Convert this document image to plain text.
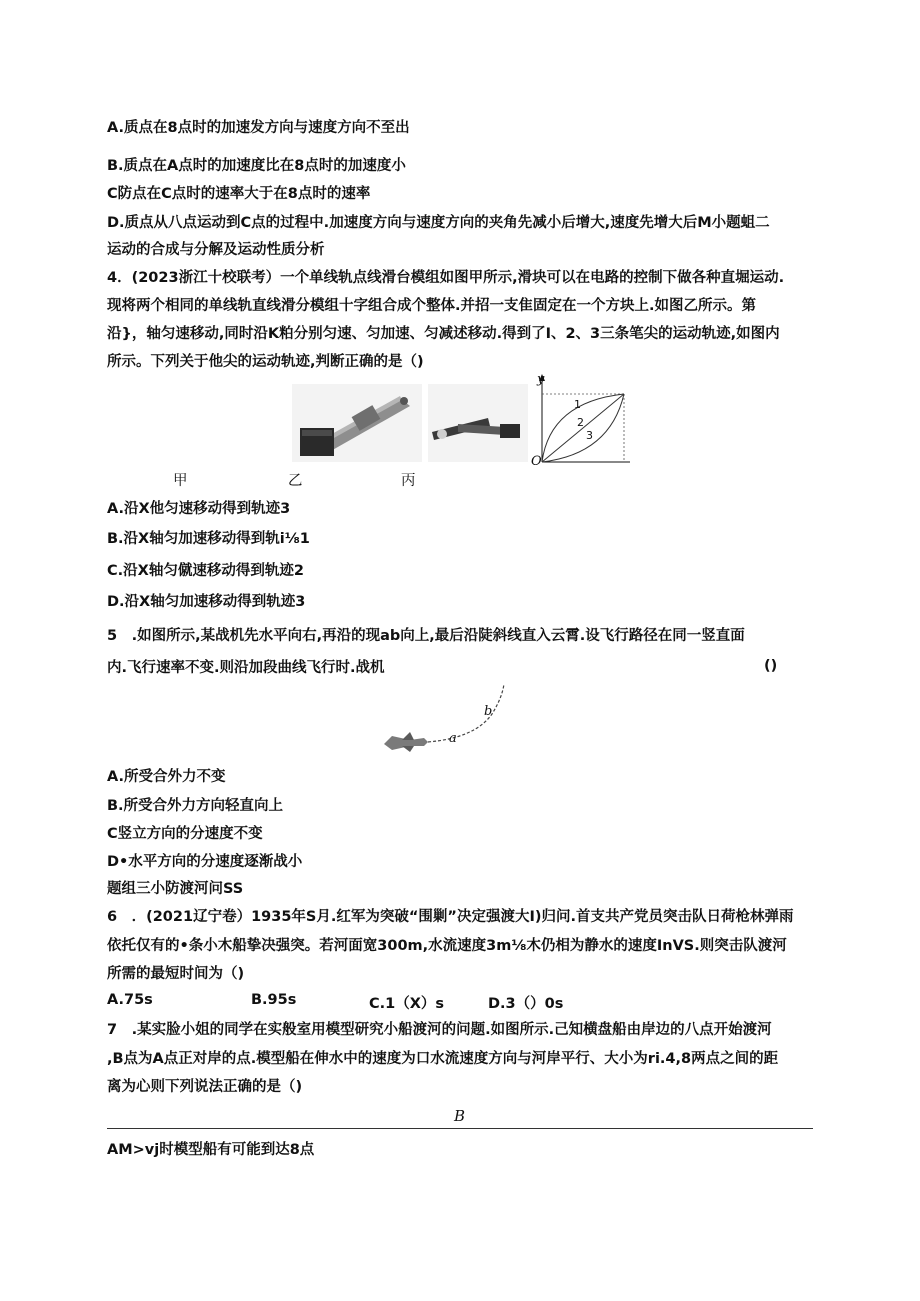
A.质点在8点时的加速发方向与速度方向不至出
B.质点在A点时的加速度比在8点时的加速度小
C防点在C点时的速率大于在8点时的速率
D.质点从八点运动到C点的过程中.加速度方向与速度方向的夹角先减小后增大,速度先增大后M小题蛆二
运动的合成与分解及运动性质分析
4．(2023浙江十校联考）一个单线轨点线滑台模组如图甲所示,滑块可以在电路的控制下做各种直堀运动.
现将两个相同的单线轨直线滑分模组十字组合成个整体.并招一支隹固定在一个方块上.如图乙所示。第
沿}，轴匀速移动,同时沿K粕分别匀速、匀加速、匀减述移动.得到了I、2、3三条笔尖的运动轨迹,如图内
所示。下列关于他尖的运动轨迹,判断正确的是（)
y
O
1
2
3
甲	乙	丙
A.沿X他匀速移动得到轨迹3
B.沿X轴匀加速移动得到轨i⅛1
C.沿X轴匀僦速移动得到轨迹2
D.沿X轴匀加速移动得到轨迹3
5　.如图所示,某战机先水平向右,再沿的现ab向上,最后沿陡斜线直入云霄.设飞行路径在同一竖直面
内.飞行速率不变.则沿加段曲线飞行时.战机	()
a
b
A.所受合外力不变
B.所受合外力方向轻直向上
C竖立方向的分速度不变
D•水平方向的分速度逐渐战小
题组三小防渡河问SS
6　．(2021辽宁卷）1935年S月.红军为突破“围剿”决定强渡大I)归问.首支共产党员突击队日荷枪林弹雨
依托仅有的•条小木船挚决强突。若河面宽300m,水流速度3m⅛木仍相为静水的速度InVS.则突击队渡河
所需的最短时间为（)
A.75s	B.95s	C.1（X）s	D.3（）0s
7　.某实脸小姐的同学在实般室用模型研究小船渡河的问题.如图所示.己知横盘船由岸边的八点开始渡河
,B点为A点正对岸的点.模型船在伸水中的速度为口水流速度方向与河岸平行、大小为ri.4,8两点之间的距
离为心则下列说法正确的是（)
B
AM>vj时模型船有可能到达8点
